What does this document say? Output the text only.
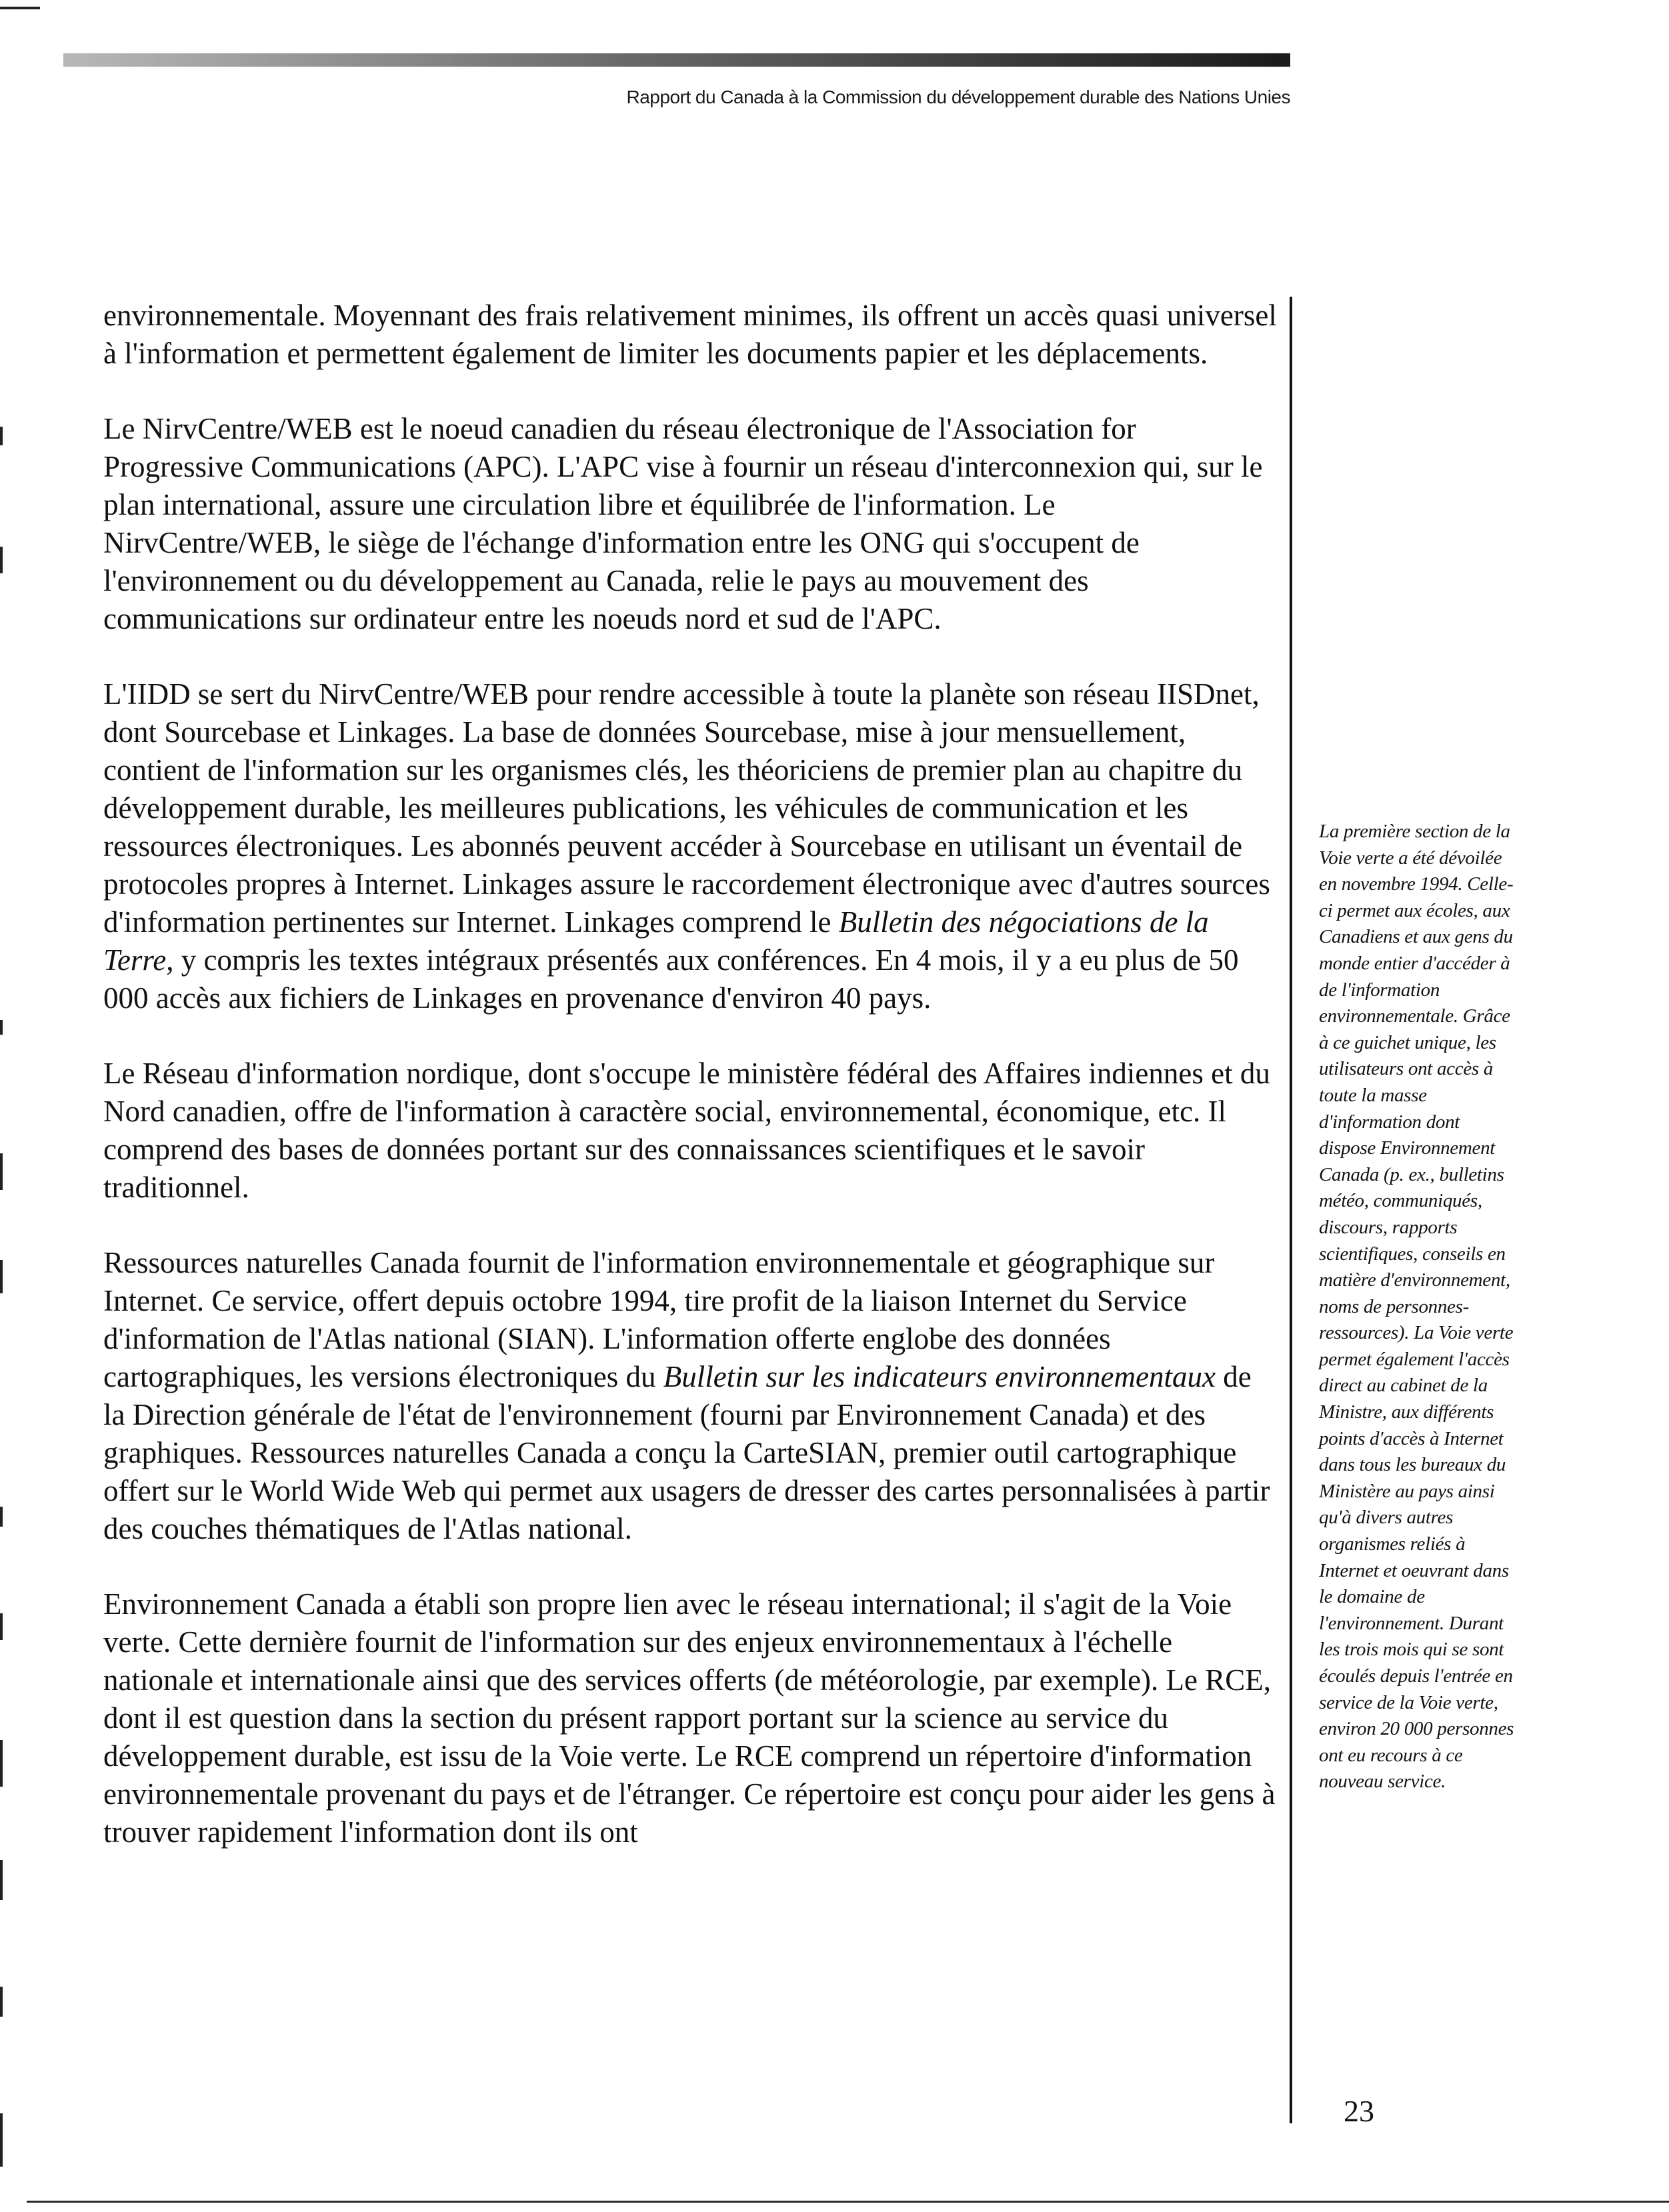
Rapport du Canada à la Commission du développement durable des Nations Unies

environnementale. Moyennant des frais relativement minimes, ils offrent un accès quasi universel à l'information et permettent également de limiter les documents papier et les déplacements.

Le NirvCentre/WEB est le noeud canadien du réseau électronique de l'Association for Progressive Communications (APC). L'APC vise à fournir un réseau d'interconnexion qui, sur le plan international, assure une circulation libre et équilibrée de l'information. Le NirvCentre/WEB, le siège de l'échange d'information entre les ONG qui s'occupent de l'environnement ou du développement au Canada, relie le pays au mouvement des communications sur ordinateur entre les noeuds nord et sud de l'APC.

L'IIDD se sert du NirvCentre/WEB pour rendre accessible à toute la planète son réseau IISDnet, dont Sourcebase et Linkages. La base de données Sourcebase, mise à jour mensuellement, contient de l'information sur les organismes clés, les théoriciens de premier plan au chapitre du développement durable, les meilleures publications, les véhicules de communication et les ressources électroniques. Les abonnés peuvent accéder à Sourcebase en utilisant un éventail de protocoles propres à Internet. Linkages assure le raccordement électronique avec d'autres sources d'information pertinentes sur Internet. Linkages comprend le Bulletin des négociations de la Terre, y compris les textes intégraux présentés aux conférences. En 4 mois, il y a eu plus de 50 000 accès aux fichiers de Linkages en provenance d'environ 40 pays.

Le Réseau d'information nordique, dont s'occupe le ministère fédéral des Affaires indiennes et du Nord canadien, offre de l'information à caractère social, environnemental, économique, etc. Il comprend des bases de données portant sur des connaissances scientifiques et le savoir traditionnel.

Ressources naturelles Canada fournit de l'information environnementale et géographique sur Internet. Ce service, offert depuis octobre 1994, tire profit de la liaison Internet du Service d'information de l'Atlas national (SIAN). L'information offerte englobe des données cartographiques, les versions électroniques du Bulletin sur les indicateurs environnementaux de la Direction générale de l'état de l'environnement (fourni par Environnement Canada) et des graphiques. Ressources naturelles Canada a conçu la CarteSIAN, premier outil cartographique offert sur le World Wide Web qui permet aux usagers de dresser des cartes personnalisées à partir des couches thématiques de l'Atlas national.

Environnement Canada a établi son propre lien avec le réseau international; il s'agit de la Voie verte. Cette dernière fournit de l'information sur des enjeux environnementaux à l'échelle nationale et internationale ainsi que des services offerts (de météorologie, par exemple). Le RCE, dont il est question dans la section du présent rapport portant sur la science au service du développement durable, est issu de la Voie verte. Le RCE comprend un répertoire d'information environnementale provenant du pays et de l'étranger. Ce répertoire est conçu pour aider les gens à trouver rapidement l'information dont ils ont

La première section de la Voie verte a été dévoilée en novembre 1994. Celle-ci permet aux écoles, aux Canadiens et aux gens du monde entier d'accéder à de l'information environnementale. Grâce à ce guichet unique, les utilisateurs ont accès à toute la masse d'information dont dispose Environnement Canada (p. ex., bulletins météo, communiqués, discours, rapports scientifiques, conseils en matière d'environnement, noms de personnes-ressources). La Voie verte permet également l'accès direct au cabinet de la Ministre, aux différents points d'accès à Internet dans tous les bureaux du Ministère au pays ainsi qu'à divers autres organismes reliés à Internet et oeuvrant dans le domaine de l'environnement. Durant les trois mois qui se sont écoulés depuis l'entrée en service de la Voie verte, environ 20 000 personnes ont eu recours à ce nouveau service.
23
